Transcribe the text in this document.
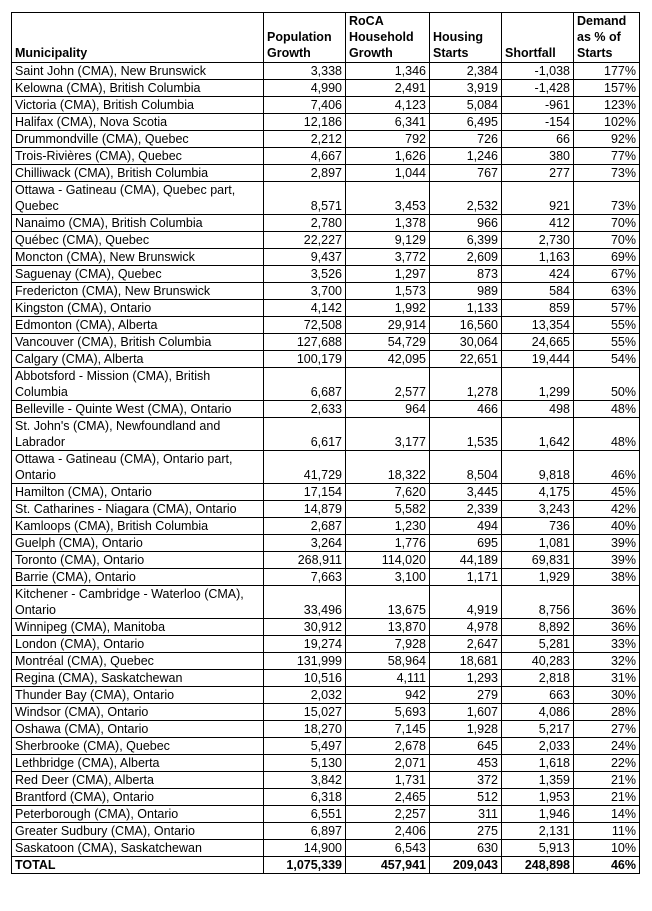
Municipality	Population Growth	RoCA Household Growth	Housing Starts	Shortfall	Demand as % of Starts
Saint John (CMA), New Brunswick	3,338	1,346	2,384	-1,038	177%
Kelowna (CMA), British Columbia	4,990	2,491	3,919	-1,428	157%
Victoria (CMA), British Columbia	7,406	4,123	5,084	-961	123%
Halifax (CMA), Nova Scotia	12,186	6,341	6,495	-154	102%
Drummondville (CMA), Quebec	2,212	792	726	66	92%
Trois-Rivières (CMA), Quebec	4,667	1,626	1,246	380	77%
Chilliwack (CMA), British Columbia	2,897	1,044	767	277	73%
Ottawa - Gatineau (CMA), Quebec part, Quebec	8,571	3,453	2,532	921	73%
Nanaimo (CMA), British Columbia	2,780	1,378	966	412	70%
Québec (CMA), Quebec	22,227	9,129	6,399	2,730	70%
Moncton (CMA), New Brunswick	9,437	3,772	2,609	1,163	69%
Saguenay (CMA), Quebec	3,526	1,297	873	424	67%
Fredericton (CMA), New Brunswick	3,700	1,573	989	584	63%
Kingston (CMA), Ontario	4,142	1,992	1,133	859	57%
Edmonton (CMA), Alberta	72,508	29,914	16,560	13,354	55%
Vancouver (CMA), British Columbia	127,688	54,729	30,064	24,665	55%
Calgary (CMA), Alberta	100,179	42,095	22,651	19,444	54%
Abbotsford - Mission (CMA), British Columbia	6,687	2,577	1,278	1,299	50%
Belleville - Quinte West (CMA), Ontario	2,633	964	466	498	48%
St. John's (CMA), Newfoundland and Labrador	6,617	3,177	1,535	1,642	48%
Ottawa - Gatineau (CMA), Ontario part, Ontario	41,729	18,322	8,504	9,818	46%
Hamilton (CMA), Ontario	17,154	7,620	3,445	4,175	45%
St. Catharines - Niagara (CMA), Ontario	14,879	5,582	2,339	3,243	42%
Kamloops (CMA), British Columbia	2,687	1,230	494	736	40%
Guelph (CMA), Ontario	3,264	1,776	695	1,081	39%
Toronto (CMA), Ontario	268,911	114,020	44,189	69,831	39%
Barrie (CMA), Ontario	7,663	3,100	1,171	1,929	38%
Kitchener - Cambridge - Waterloo (CMA), Ontario	33,496	13,675	4,919	8,756	36%
Winnipeg (CMA), Manitoba	30,912	13,870	4,978	8,892	36%
London (CMA), Ontario	19,274	7,928	2,647	5,281	33%
Montréal (CMA), Quebec	131,999	58,964	18,681	40,283	32%
Regina (CMA), Saskatchewan	10,516	4,111	1,293	2,818	31%
Thunder Bay (CMA), Ontario	2,032	942	279	663	30%
Windsor (CMA), Ontario	15,027	5,693	1,607	4,086	28%
Oshawa (CMA), Ontario	18,270	7,145	1,928	5,217	27%
Sherbrooke (CMA), Quebec	5,497	2,678	645	2,033	24%
Lethbridge (CMA), Alberta	5,130	2,071	453	1,618	22%
Red Deer (CMA), Alberta	3,842	1,731	372	1,359	21%
Brantford (CMA), Ontario	6,318	2,465	512	1,953	21%
Peterborough (CMA), Ontario	6,551	2,257	311	1,946	14%
Greater Sudbury (CMA), Ontario	6,897	2,406	275	2,131	11%
Saskatoon (CMA), Saskatchewan	14,900	6,543	630	5,913	10%
TOTAL	1,075,339	457,941	209,043	248,898	46%
